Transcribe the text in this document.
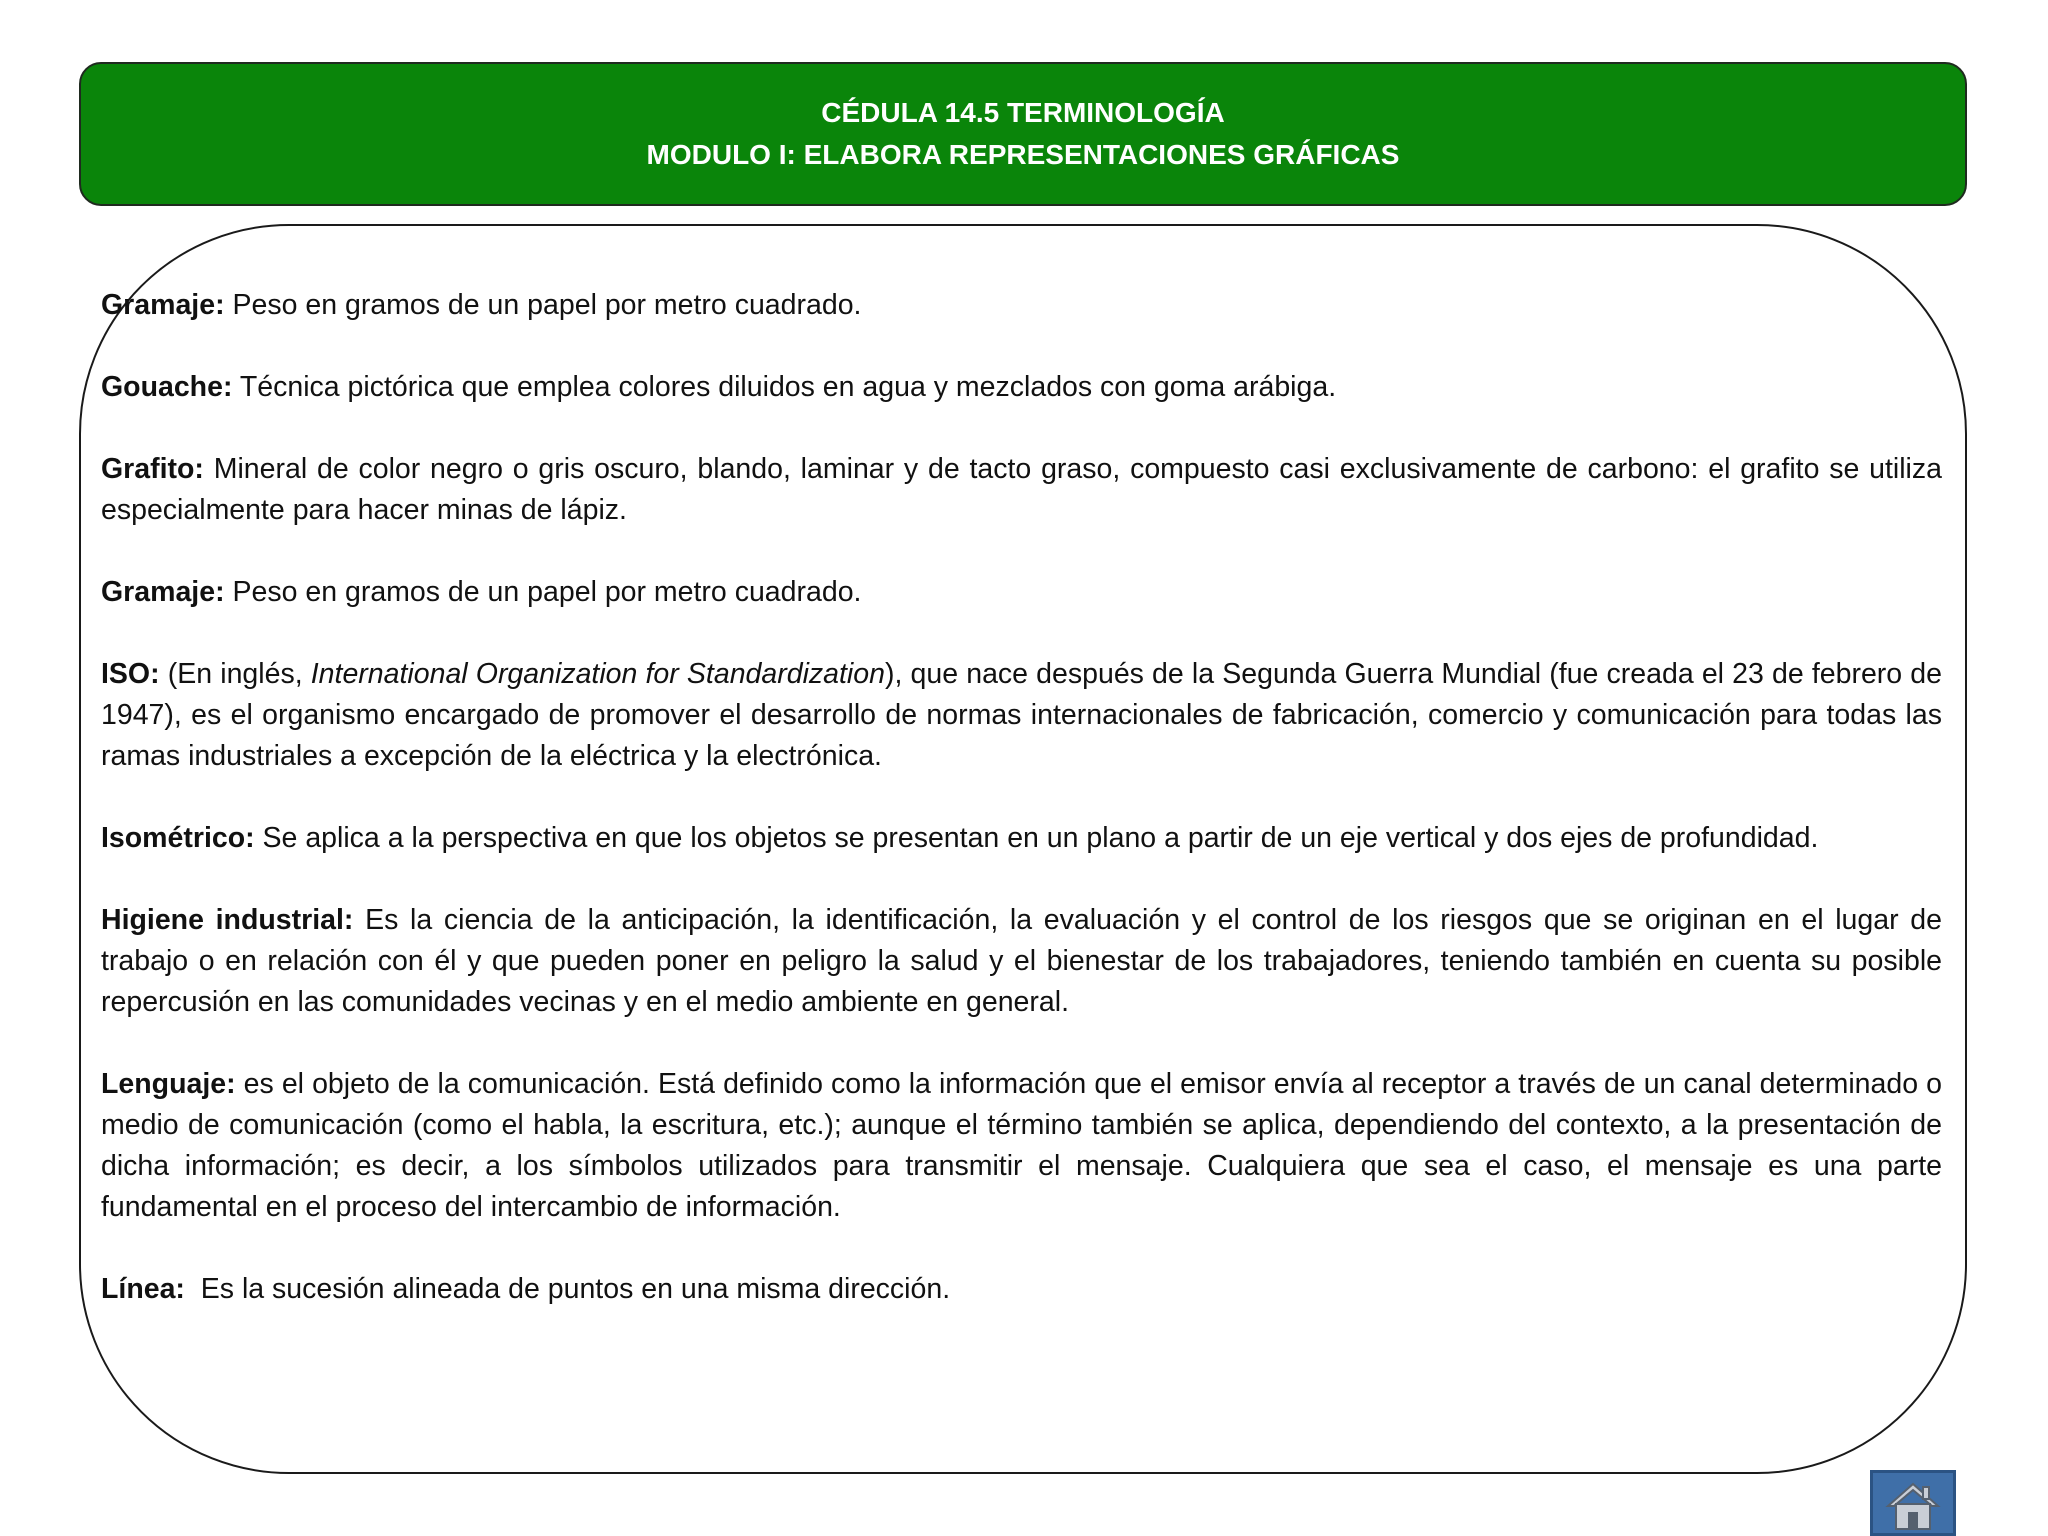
CÉDULA 14.5 TERMINOLOGÍA
MODULO I: ELABORA REPRESENTACIONES GRÁFICAS

Gramaje: Peso en gramos de un papel por metro cuadrado.

Gouache: Técnica pictórica que emplea colores diluidos en agua y mezclados con goma arábiga.

Grafito: Mineral de color negro o gris oscuro, blando, laminar y de tacto graso, compuesto casi exclusivamente de carbono: el grafito se utiliza especialmente para hacer minas de lápiz.

Gramaje: Peso en gramos de un papel por metro cuadrado.

ISO: (En inglés, International Organization for Standardization), que nace después de la Segunda Guerra Mundial (fue creada el 23 de febrero de 1947), es el organismo encargado de promover el desarrollo de normas internacionales de fabricación, comercio y comunicación para todas las ramas industriales a excepción de la eléctrica y la electrónica.

Isométrico: Se aplica a la perspectiva en que los objetos se presentan en un plano a partir de un eje vertical y dos ejes de profundidad.

Higiene industrial: Es la ciencia de la anticipación, la identificación, la evaluación y el control de los riesgos que se originan en el lugar de trabajo o en relación con él y que pueden poner en peligro la salud y el bienestar de los trabajadores, teniendo también en cuenta su posible repercusión en las comunidades vecinas y en el medio ambiente en general.

Lenguaje: es el objeto de la comunicación. Está definido como la información que el emisor envía al receptor a través de un canal determinado o medio de comunicación (como el habla, la escritura, etc.); aunque el término también se aplica, dependiendo del contexto, a la presentación de dicha información; es decir, a los símbolos utilizados para transmitir el mensaje. Cualquiera que sea el caso, el mensaje es una parte fundamental en el proceso del intercambio de información.

Línea:  Es la sucesión alineada de puntos en una misma dirección.
